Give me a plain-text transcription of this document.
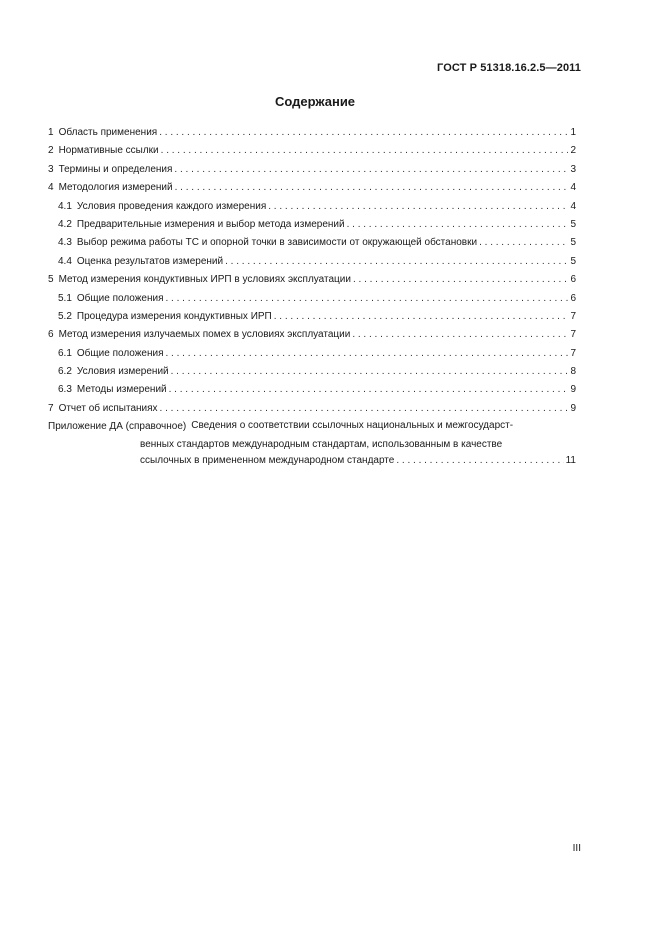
ГОСТ Р 51318.16.2.5—2011
Содержание
1 Область применения . . .	1
2 Нормативные ссылки . . .	2
3 Термины и определения . . .	3
4 Методология измерений . . .	4
4.1 Условия проведения каждого измерения . . .	4
4.2 Предварительные измерения и выбор метода измерений . . .	5
4.3 Выбор режима работы ТС и опорной точки в зависимости от окружающей обстановки . . .	5
4.4 Оценка результатов измерений . . .	5
5 Метод измерения кондуктивных ИРП в условиях эксплуатации . . .	6
5.1 Общие положения . . .	6
5.2 Процедура измерения кондуктивных ИРП . . .	7
6 Метод измерения излучаемых помех в условиях эксплуатации . . .	7
6.1 Общие положения . . .	7
6.2 Условия измерений . . .	8
6.3 Методы измерений . . .	9
7 Отчет об испытаниях . . .	9
Приложение ДА (справочное) Сведения о соответствии ссылочных национальных и межгосударст-
венных стандартов международным стандартам, использованным в качестве
ссылочных в примененном международном стандарте . . .	11
III
